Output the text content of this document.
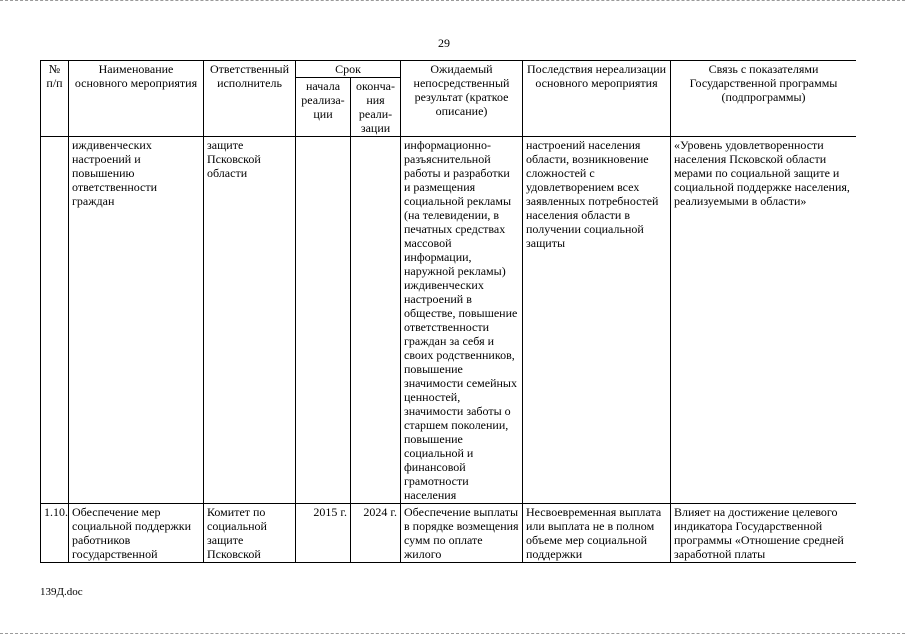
29
№ п/п	Наименование основного мероприятия	Ответственный исполнитель	Срок		Ожидаемый непосредственный результат (краткое описание)	Последствия нереализации основного мероприятия	Связь с показателями Государственной программы (подпрограммы)
			начала реализа-ции	оконча-ния реали-зации			
	иждивенческих настроений и повышению ответственности граждан	защите Псковской области			информационно-разъяснительной работы и разработки и размещения социальной рекламы (на телевидении, в печатных средствах массовой информации, наружной рекламы) иждивенческих настроений в обществе, повышение ответственности граждан за себя и своих родственников, повышение значимости семейных ценностей, значимости заботы о старшем поколении, повышение социальной и финансовой грамотности населения	настроений населения области, возникновение сложностей с удовлетворением всех заявленных потребностей населения области в получении социальной защиты	«Уровень удовлетворенности населения Псковской области мерами по социальной защите и социальной поддержке населения, реализуемыми в области»
1.10.	Обеспечение мер социальной поддержки работников государственной	Комитет по социальной защите Псковской	2015 г.	2024 г.	Обеспечение выплаты в порядке возмещения сумм по оплате жилого	Несвоевременная выплата или выплата не в полном объеме мер социальной поддержки	Влияет на достижение целевого индикатора Государственной программы «Отношение средней заработной платы
139Д.doc
